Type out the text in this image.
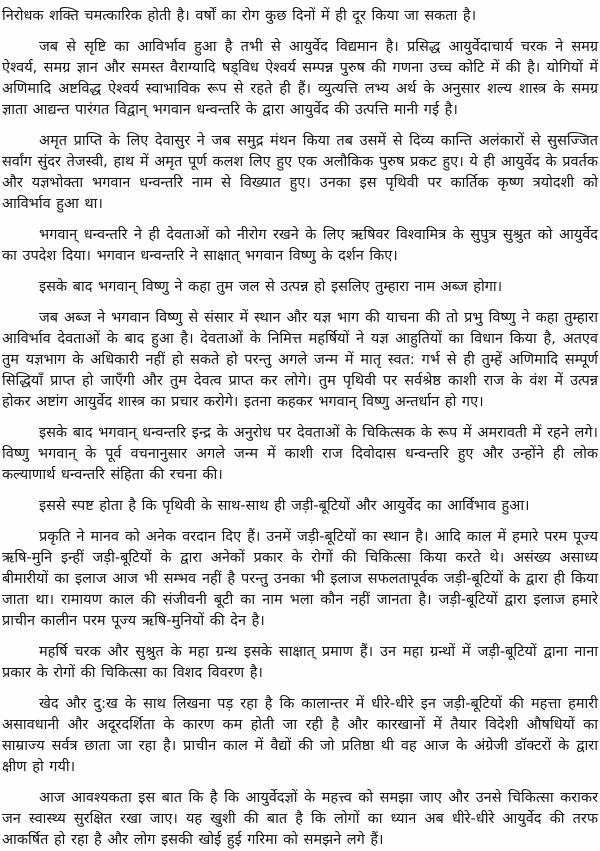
निरोधक शक्ति चमत्कारिक होती है। वर्षों का रोग कुछ दिनों में ही दूर किया जा सकता है।

जब से सृष्टि का आविर्भाव हुआ है तभी से आयुर्वेद विद्यमान है। प्रसिद्ध आयुर्वेदाचार्य चरक ने समग्र ऐश्वर्य, समग्र ज्ञान और समस्त वैराग्यादि षड्विध ऐश्वर्य सम्पन्न पुरुष की गणना उच्च कोटि में की है। योगियों में अणिमादि अष्टविद्ध ऐश्वर्य स्वाभाविक रूप से रहते ही हैं। व्युत्यत्ति लभ्य अर्थ के अनुसार शल्य शास्त्र के समग्र ज्ञाता आद्यन्त पारंगत विद्वान् भगवान धन्वन्तरि के द्वारा आयुर्वेद की उत्पत्ति मानी गई है।

अमृत प्राप्ति के लिए देवासुर ने जब समुद्र मंथन किया तब उसमें से दिव्य कान्ति अलंकारों से सुसज्जित सर्वांग सुंदर तेजस्वी, हाथ में अमृत पूर्ण कलश लिए हुए एक अलौकिक पुरुष प्रकट हुए। ये ही आयुर्वेद के प्रवर्तक और यज्ञभोक्ता भगवान धन्वन्तरि नाम से विख्यात हुए। उनका इस पृथिवी पर कार्तिक कृष्ण त्रयोदशी को आविर्भाव हुआ था।

भगवान् धन्वन्तरि ने ही देवताओं को नीरोग रखने के लिए ऋषिवर विश्वामित्र के सुपुत्र सुश्रुत को आयुर्वेद का उपदेश दिया। भगवान धन्वन्तरि ने साक्षात् भगवान विष्णु के दर्शन किए।

इसके बाद भगवान् विष्णु ने कहा तुम जल से उत्पन्न हो इसलिए तुम्हारा नाम अब्ज होगा।

जब अब्ज ने भगवान विष्णु से संसार में स्थान और यज्ञ भाग की याचना की तो प्रभु विष्णु ने कहा तुम्हारा आविर्भाव देवताओं के बाद हुआ है। देवताओं के निमित्त महर्षियों ने यज्ञ आहुतियों का विधान किया है, अतएव तुम यज्ञभाग के अधिकारी नहीं हो सकते हो परन्तु अगले जन्म में मातृ स्वत: गर्भ से ही तुम्हें अणिमादि सम्पूर्ण सिद्धियाँ प्राप्त हो जाएँगी और तुम देवत्व प्राप्त कर लोगे। तुम पृथिवी पर सर्वश्रेष्ठ काशी राज के वंश में उत्पन्न होकर अष्टांग आयुर्वेद शास्त्र का प्रचार करोगे। इतना कहकर भगवान् विष्णु अन्तर्धान हो गए।

इसके बाद भगवान् धन्वन्तरि इन्द्र के अनुरोध पर देवताओं के चिकित्सक के रूप में अमरावती में रहने लगे। विष्णु भगवान् के पूर्व वचनानुसार अगले जन्म में काशी राज दिवोदास धन्वन्तरि हुए और उन्होंने ही लोक कल्याणार्थ धन्वन्तरि संहिता की रचना की।

इससे स्पष्ट होता है कि पृथिवी के साथ-साथ ही जड़ी-बूटियों और आयुर्वेद का आर्विभाव हुआ।

प्रकृति ने मानव को अनेक वरदान दिए हैं। उनमें जड़ी-बूटियों का स्थान है। आदि काल में हमारे परम पूज्य ऋषि-मुनि इन्हीं जड़ी-बूटियों के द्वारा अनेकों प्रकार के रोगों की चिकित्सा किया करते थे। असंख्य असाध्य बीमारीयों का इलाज आज भी सम्भव नहीं है परन्तु उनका भी इलाज सफलतापूर्वक जड़ी-बूटियों के द्वारा ही किया जाता था। रामायण काल की संजीवनी बूटी का नाम भला कौन नहीं जानता है। जड़ी-बूटियों द्वारा इलाज हमारे प्राचीन कालीन परम पूज्य ऋषि-मुनियों की देन है।

महर्षि चरक और सुश्रुत के महा ग्रन्थ इसके साक्षात् प्रमाण हैं। उन महा ग्रन्थों में जड़ी-बूटियों द्वाना नाना प्रकार के रोगों की चिकित्सा का विशद विवरण है।

खेद और दु:ख के साथ लिखना पड़ रहा है कि कालान्तर में धीरे-धीरे इन जड़ी-बूटियों की महत्ता हमारी असावधानी और अदूरदर्शिता के कारण कम होती जा रही है और कारखानों में तैयार विदेशी औषधियों का साम्राज्य सर्वत्र छाता जा रहा है। प्राचीन काल में वैद्यों की जो प्रतिष्ठा थी वह आज के अंग्रेजी डॉक्टरों के द्वारा क्षीण हो गयी।

आज आवश्यकता इस बात कि है कि आयुर्वेदज्ञों के महत्त्व को समझा जाए और उनसे चिकित्सा कराकर जन स्वास्थ्य सुरक्षित रखा जाए। यह खुशी की बात है कि लोगों का ध्यान अब धीरे-धीरे आयुर्वेद की तरफ आकर्षित हो रहा है और लोग इसकी खोई हुई गरिमा को समझने लगे हैं।
